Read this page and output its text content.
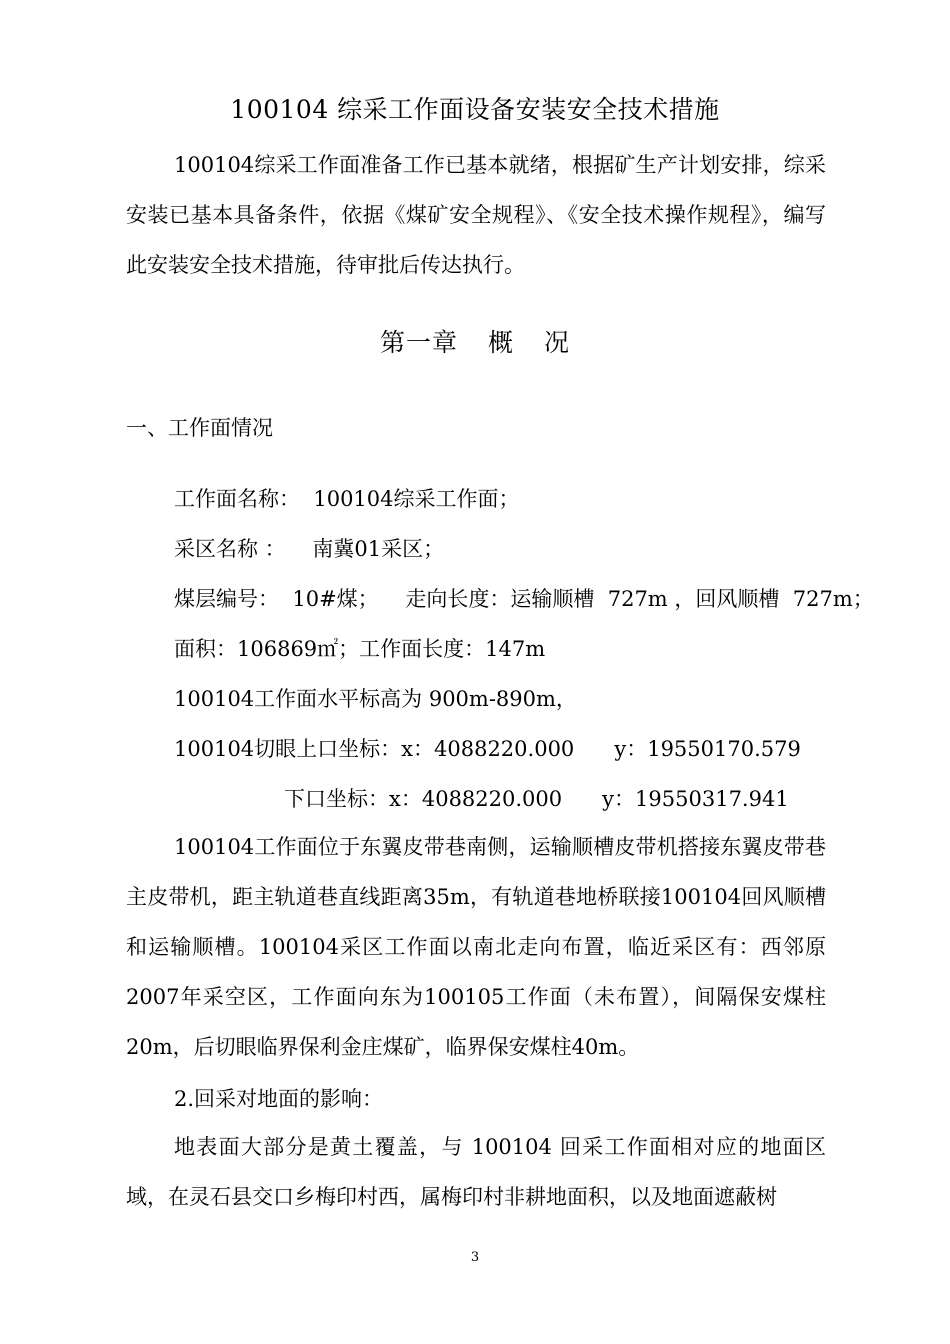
100104 综采工作面设备安装安全技术措施
100104综采工作面准备工作已基本就绪，根据矿生产计划安排，综采安装已基本具备条件，依据《煤矿安全规程》、《安全技术操作规程》，编写此安装安全技术措施，待审批后传达执行。
第一章 概 况
一、工作面情况
工作面名称：  100104综采工作面；
采区名称 ：    南冀01采区；
煤层编号：  10#煤；    走向长度：运输顺槽  727m ，回风顺槽  727m；
面积：106869㎡；工作面长度：147m
100104工作面水平标高为 900m-890m，
100104切眼上口坐标：x：4088220.000      y：19550170.579
下口坐标：x：4088220.000      y：19550317.941
100104工作面位于东翼皮带巷南侧，运输顺槽皮带机搭接东翼皮带巷主皮带机，距主轨道巷直线距离35m，有轨道巷地桥联接100104回风顺槽和运输顺槽。100104采区工作面以南北走向布置，临近采区有：西邻原2007年采空区，工作面向东为100105工作面（未布置），间隔保安煤柱20m，后切眼临界保利金庄煤矿，临界保安煤柱40m。
2.回采对地面的影响：
地表面大部分是黄土覆盖，与 100104 回采工作面相对应的地面区域，在灵石县交口乡梅印村西，属梅印村非耕地面积，以及地面遮蔽树
3
